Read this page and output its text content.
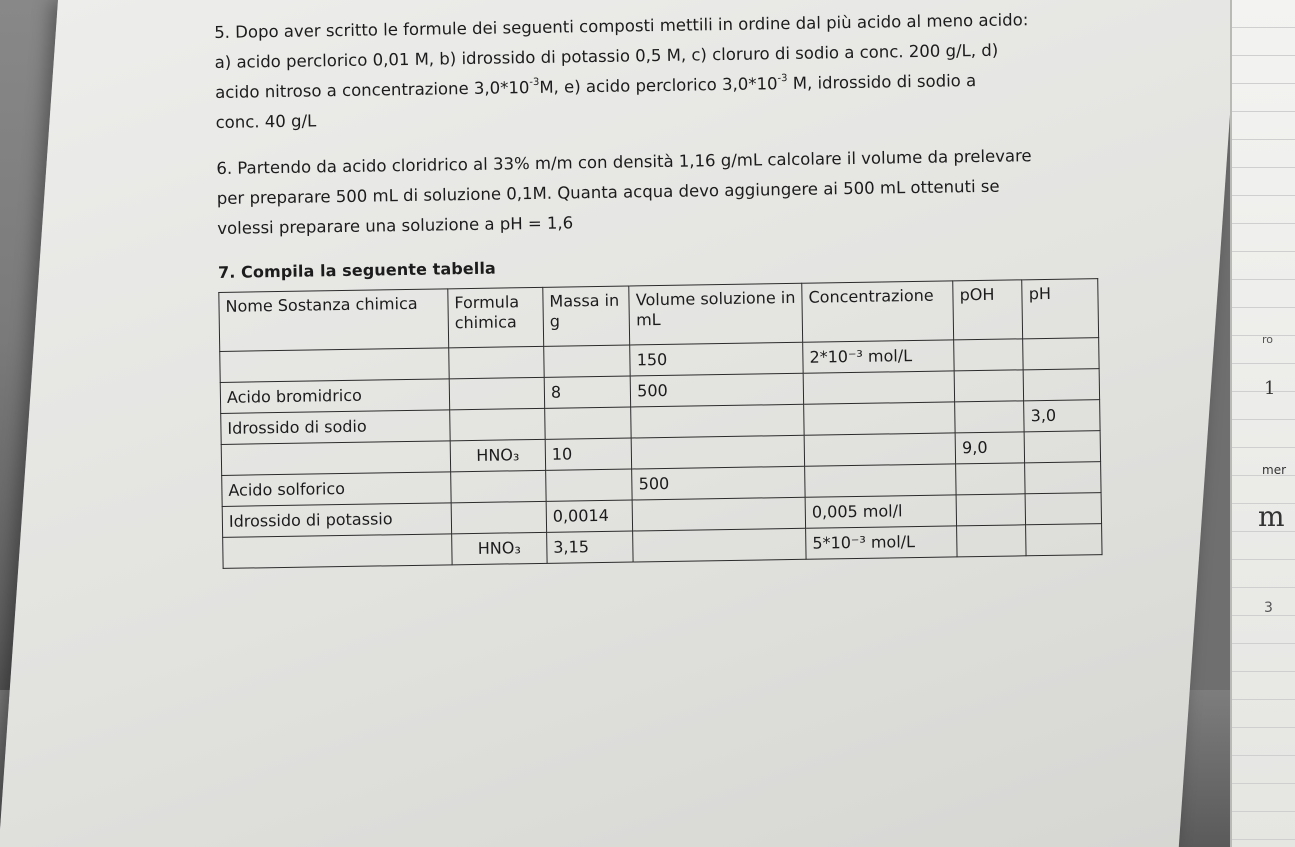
ro
1
mer
m
3

5. Dopo aver scritto le formule dei seguenti composti mettili in ordine dal più acido al meno acido:
a) acido perclorico 0,01 M, b) idrossido di potassio 0,5 M, c) cloruro di sodio a conc. 200 g/L, d)
acido nitroso a concentrazione $3,0*10^{-3}M$, e) acido perclorico $3,0*10^{-3}$ M, idrossido di sodio a
conc. 40 g/L

6. Partendo da acido cloridrico al 33% m/m con densità 1,16 g/mL calcolare il volume da prelevare
per preparare 500 mL di soluzione 0,1M. Quanta acqua devo aggiungere ai 500 mL ottenuti se
volessi preparare una soluzione a pH = 1,6

7. Compila la seguente tabella
Nome Sostanza chimica	Formula chimica	Massa in g	Volume soluzione in mL	Concentrazione	pOH	pH
			150	2*10⁻³ mol/L		
Acido bromidrico		8	500			
Idrossido di sodio						3,0
	HNO₃	10			9,0	
Acido solforico			500			
Idrossido di potassio		0,0014		0,005 mol/l		
	HNO₃	3,15		5*10⁻³ mol/L		
